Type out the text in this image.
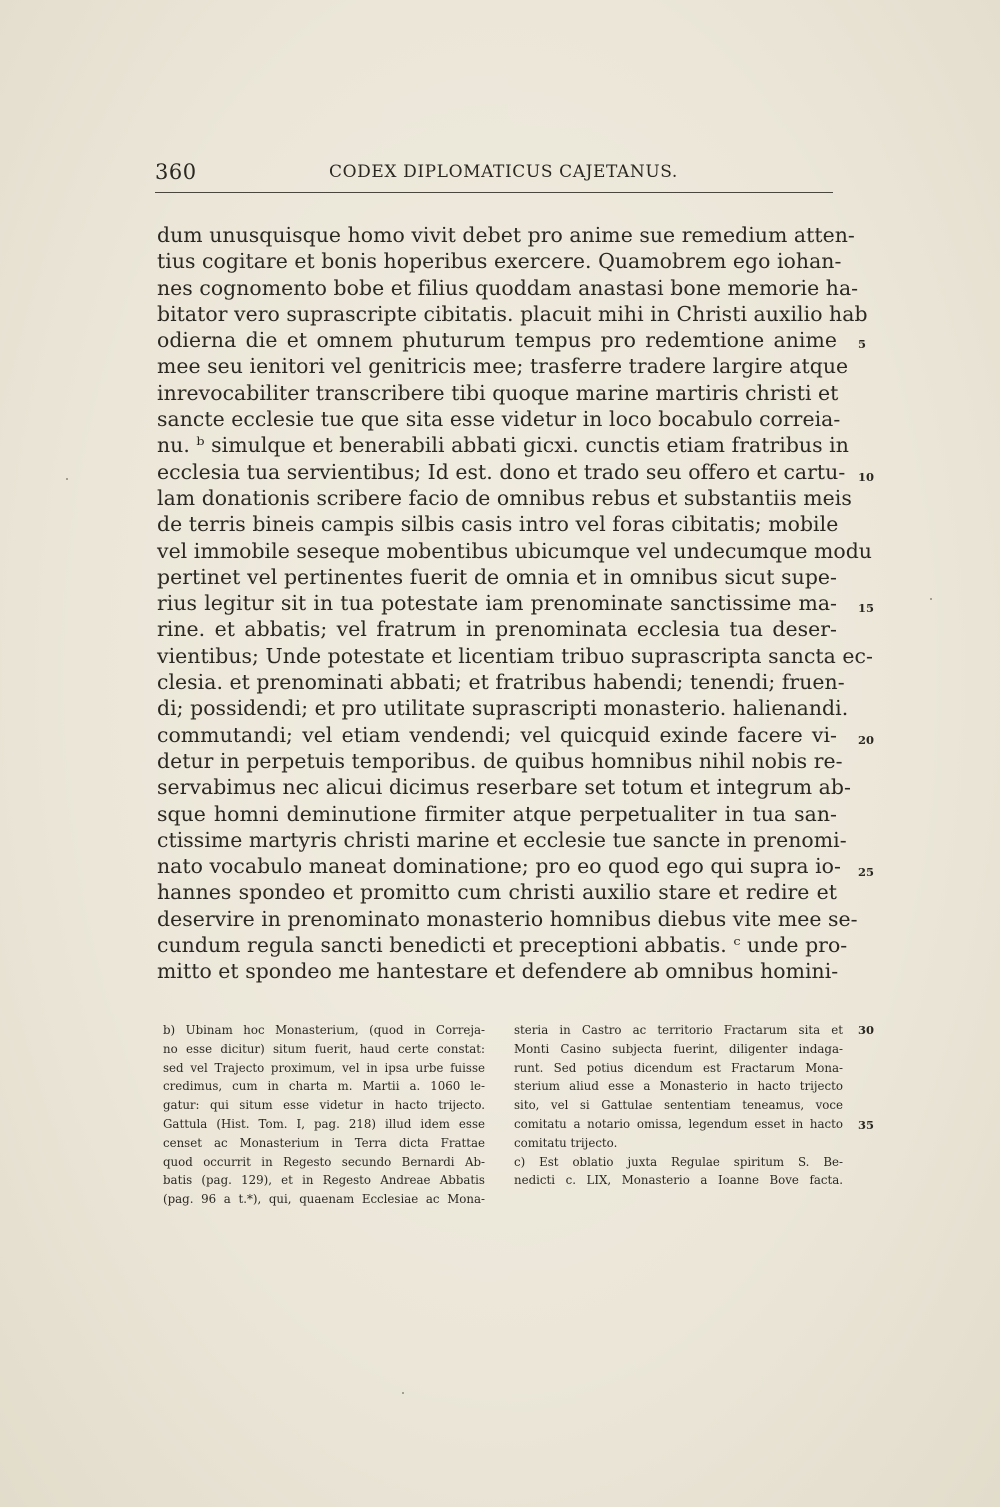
360	CODEX DIPLOMATICUS CAJETANUS.
dum unusquisque homo vivit debet pro anime sue remedium atten-
tius cogitare et bonis hoperibus exercere. Quamobrem ego iohan-
nes cognomento bobe et filius quoddam anastasi bone memorie ha-
bitator vero suprascripte cibitatis. placuit mihi in Christi auxilio hab
odierna die et omnem phuturum tempus pro redemtione anime
mee seu ienitori vel genitricis mee; trasferre tradere largire atque
inrevocabiliter transcribere tibi quoque marine martiris christi et
sancte ecclesie tue que sita esse videtur in loco bocabulo correia-
nu. ᵇ simulque et benerabili abbati gicxi. cunctis etiam fratribus in
ecclesia tua servientibus; Id est. dono et trado seu offero et cartu-
lam donationis scribere facio de omnibus rebus et substantiis meis
de terris bineis campis silbis casis intro vel foras cibitatis; mobile
vel immobile seseque mobentibus ubicumque vel undecumque modu
pertinet vel pertinentes fuerit de omnia et in omnibus sicut supe-
rius legitur sit in tua potestate iam prenominate sanctissime ma-
rine. et abbatis; vel fratrum in prenominata ecclesia tua deser-
vientibus; Unde potestate et licentiam tribuo suprascripta sancta ec-
clesia. et prenominati abbati; et fratribus habendi; tenendi; fruen-
di; possidendi; et pro utilitate suprascripti monasterio. halienandi.
commutandi; vel etiam vendendi; vel quicquid exinde facere vi-
detur in perpetuis temporibus. de quibus homnibus nihil nobis re-
servabimus nec alicui dicimus reserbare set totum et integrum ab-
sque homni deminutione firmiter atque perpetualiter in tua san-
ctissime martyris christi marine et ecclesie tue sancte in prenomi-
nato vocabulo maneat dominatione; pro eo quod ego qui supra io-
hannes spondeo et promitto cum christi auxilio stare et redire et
deservire in prenominato monasterio homnibus diebus vite mee se-
cundum regula sancti benedicti et preceptioni abbatis. ᶜ unde pro-
mitto et spondeo me hantestare et defendere ab omnibus homini-
5
10
15
20
25
b) Ubinam hoc Monasterium, (quod in Correja-
no esse dicitur) situm fuerit, haud certe constat:
sed vel Trajecto proximum, vel in ipsa urbe fuisse
credimus, cum in charta m. Martii a. 1060 le-
gatur: qui situm esse videtur in hacto trijecto.
Gattula (Hist. Tom. I, pag. 218) illud idem esse
censet ac Monasterium in Terra dicta Frattae
quod occurrit in Regesto secundo Bernardi Ab-
batis (pag. 129), et in Regesto Andreae Abbatis
(pag. 96 a t.*), qui, quaenam Ecclesiae ac Mona-
steria in Castro ac territorio Fractarum sita et
Monti Casino subjecta fuerint, diligenter indaga-
runt. Sed potius dicendum est Fractarum Mona-
sterium aliud esse a Monasterio in hacto trijecto
sito, vel si Gattulae sententiam teneamus, voce
comitatu a notario omissa, legendum esset in hacto
comitatu trijecto.
c) Est oblatio juxta Regulae spiritum S. Be-
nedicti c. LIX, Monasterio a Ioanne Bove facta.
30
35
